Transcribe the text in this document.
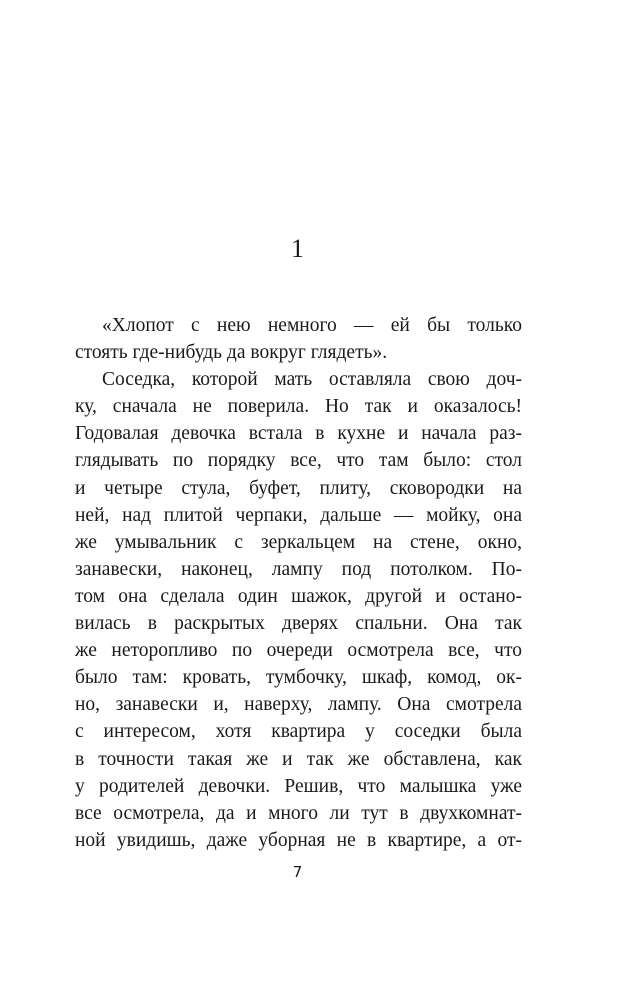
1
«Хлопот с нею немного — ей бы только
стоять где-нибудь да вокруг глядеть».
Соседка, которой мать оставляла свою доч-
ку, сначала не поверила. Но так и оказалось!
Годовалая девочка встала в кухне и начала раз-
глядывать по порядку все, что там было: стол
и четыре стула, буфет, плиту, сковородки на
ней, над плитой черпаки, дальше — мойку, она
же умывальник с зеркальцем на стене, окно,
занавески, наконец, лампу под потолком. По-
том она сделала один шажок, другой и остано-
вилась в раскрытых дверях спальни. Она так
же неторопливо по очереди осмотрела все, что
было там: кровать, тумбочку, шкаф, комод, ок-
но, занавески и, наверху, лампу. Она смотрела
с интересом, хотя квартира у соседки была
в точности такая же и так же обставлена, как
у родителей девочки. Решив, что малышка уже
все осмотрела, да и много ли тут в двухкомнат-
ной увидишь, даже уборная не в квартире, а от-
7
